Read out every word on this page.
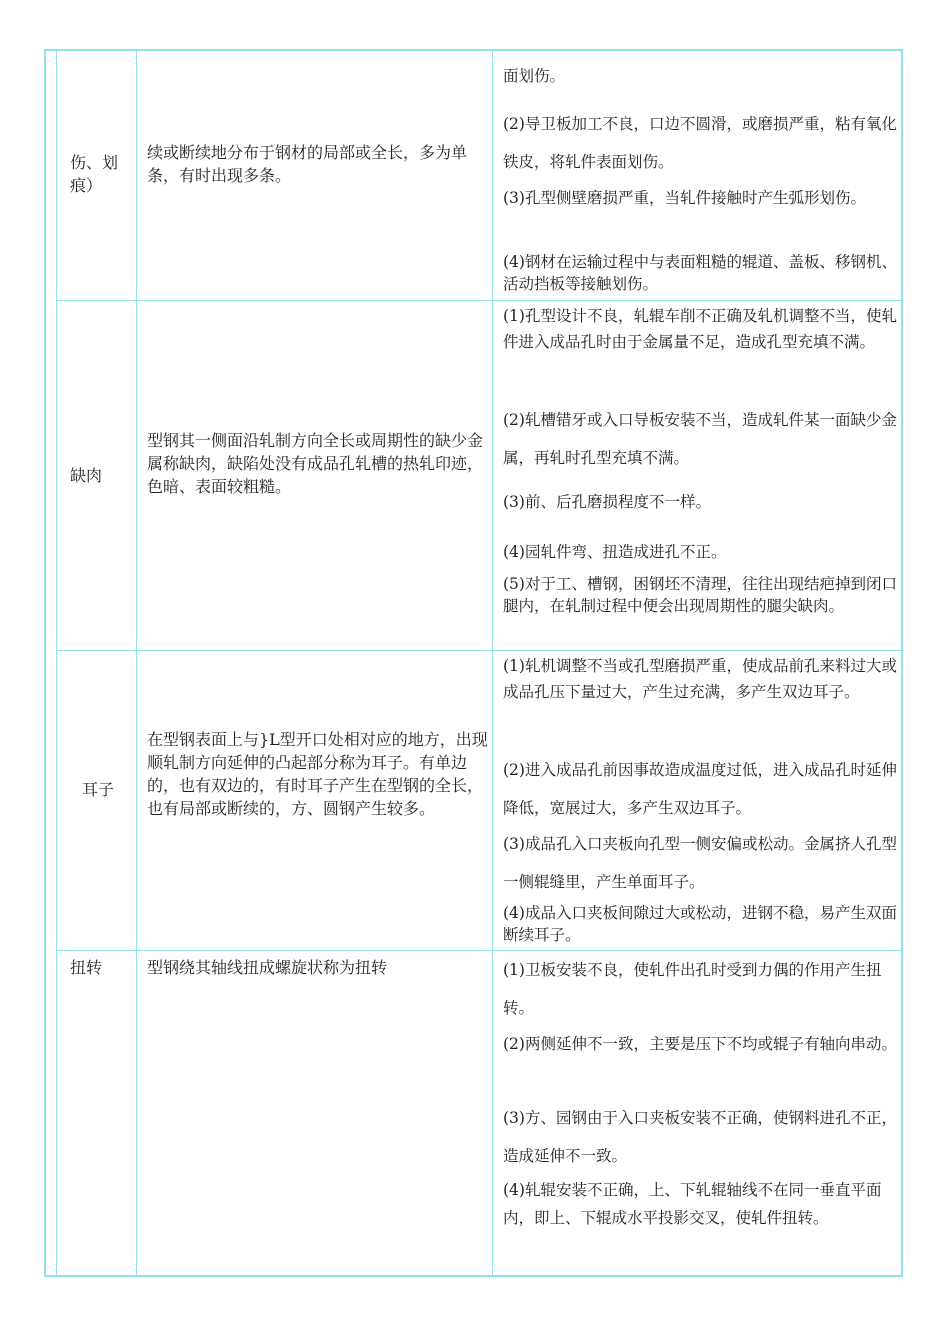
伤、划痕）
续或断续地分布于钢材的局部或全长，多为单条，有时出现多条。
面划伤。
(2)导卫板加工不良，口边不圆滑，或磨损严重，粘有氧化铁皮，将轧件表面划伤。
(3)孔型侧壁磨损严重，当轧件接触时产生弧形划伤。
(4)钢材在运输过程中与表面粗糙的辊道、盖板、移钢机、活动挡板等接触划伤。
缺肉
型钢其一侧面沿轧制方向全长或周期性的缺少金属称缺肉，缺陷处没有成品孔轧槽的热轧印迹，色暗、表面较粗糙。
(1)孔型设计不良，轧辊车削不正确及轧机调整不当，使轧件进入成品孔时由于金属量不足，造成孔型充填不满。
(2)轧槽错牙或入口导板安装不当，造成轧件某一面缺少金属，再轧时孔型充填不满。
(3)前、后孔磨损程度不一样。
(4)园轧件弯、扭造成进孔不正。
(5)对于工、槽钢，困钢坯不清理，往往出现结疤掉到闭口腿内，在轧制过程中便会出现周期性的腿尖缺肉。
耳子
在型钢表面上与}L型开口处相对应的地方，出现顺轧制方向延伸的凸起部分称为耳子。有单边的，也有双边的，有时耳子产生在型钢的全长，也有局部或断续的，方、圆钢产生较多。
(1)轧机调整不当或孔型磨损严重，使成品前孔来料过大或成品孔压下量过大，产生过充满，多产生双边耳子。
(2)进入成品孔前因事故造成温度过低，进入成品孔时延伸降低，宽展过大，多产生双边耳子。
(3)成品孔入口夹板向孔型一侧安偏或松动。金属挤人孔型一侧辊缝里，产生单面耳子。
(4)成品入口夹板间隙过大或松动，进钢不稳，易产生双面断续耳子。
扭转	型钢绕其轴线扭成螺旋状称为扭转	(1)卫板安装不良，使轧件出孔时受到力偶的作用产生扭转。
(2)两侧延伸不一致，主要是压下不均或辊子有轴向串动。
(3)方、园钢由于入口夹板安装不正确，使钢料进孔不正，造成延伸不一致。
(4)轧辊安装不正确，上、下轧辊轴线不在同一垂直平面内，即上、下辊成水平投影交叉，使轧件扭转。
